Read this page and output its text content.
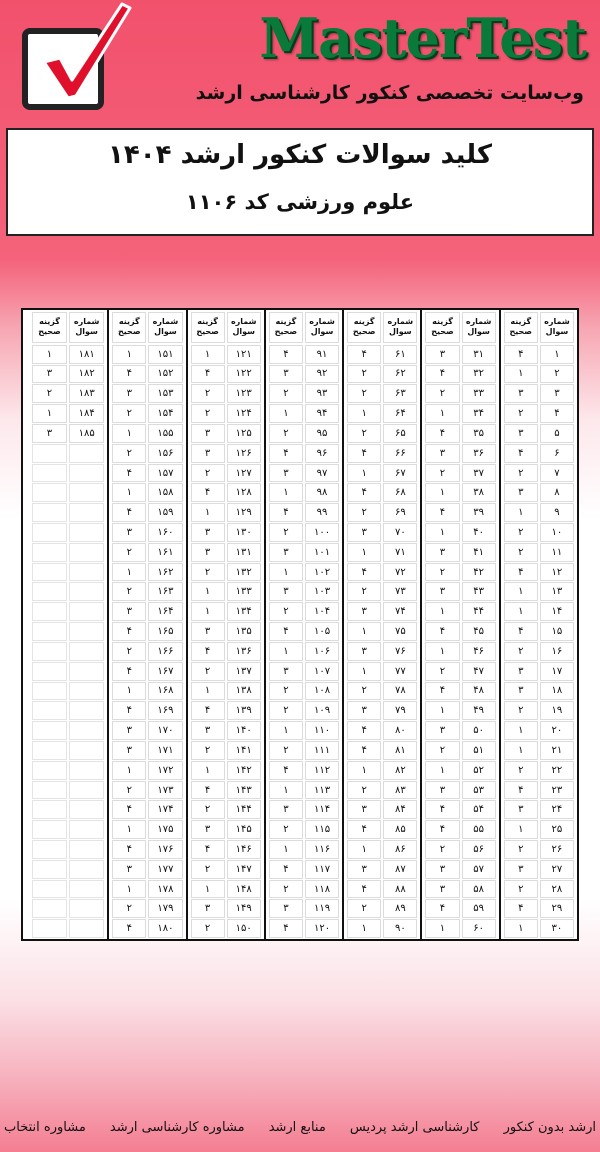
MasterTest
وب‌سایت تخصصی کنکور کارشناسی ارشد
کلید سوالات کنکور ارشد ۱۴۰۴
علوم ورزشی کد ۱۱۰۶
شماره
سوال
گزینه
صحیح
۱
۴
۲
۱
۳
۳
۴
۲
۵
۳
۶
۴
۷
۲
۸
۳
۹
۱
۱۰
۲
۱۱
۲
۱۲
۴
۱۳
۱
۱۴
۱
۱۵
۴
۱۶
۲
۱۷
۳
۱۸
۳
۱۹
۲
۲۰
۱
۲۱
۱
۲۲
۲
۲۳
۴
۲۴
۳
۲۵
۱
۲۶
۲
۲۷
۳
۲۸
۲
۲۹
۴
۳۰
۱
شماره
سوال
گزینه
صحیح
۳۱
۳
۳۲
۴
۳۳
۲
۳۴
۱
۳۵
۴
۳۶
۳
۳۷
۲
۳۸
۱
۳۹
۴
۴۰
۱
۴۱
۳
۴۲
۲
۴۳
۳
۴۴
۱
۴۵
۴
۴۶
۱
۴۷
۲
۴۸
۴
۴۹
۱
۵۰
۳
۵۱
۲
۵۲
۱
۵۳
۳
۵۴
۴
۵۵
۴
۵۶
۲
۵۷
۳
۵۸
۳
۵۹
۴
۶۰
۱
شماره
سوال
گزینه
صحیح
۶۱
۴
۶۲
۲
۶۳
۲
۶۴
۱
۶۵
۲
۶۶
۴
۶۷
۱
۶۸
۴
۶۹
۲
۷۰
۳
۷۱
۱
۷۲
۴
۷۳
۲
۷۴
۳
۷۵
۱
۷۶
۳
۷۷
۱
۷۸
۲
۷۹
۳
۸۰
۴
۸۱
۴
۸۲
۱
۸۳
۲
۸۴
۳
۸۵
۴
۸۶
۱
۸۷
۳
۸۸
۴
۸۹
۲
۹۰
۱
شماره
سوال
گزینه
صحیح
۹۱
۴
۹۲
۳
۹۳
۲
۹۴
۱
۹۵
۲
۹۶
۴
۹۷
۳
۹۸
۱
۹۹
۴
۱۰۰
۲
۱۰۱
۳
۱۰۲
۱
۱۰۳
۳
۱۰۴
۲
۱۰۵
۴
۱۰۶
۱
۱۰۷
۳
۱۰۸
۲
۱۰۹
۲
۱۱۰
۱
۱۱۱
۲
۱۱۲
۴
۱۱۳
۱
۱۱۴
۳
۱۱۵
۲
۱۱۶
۱
۱۱۷
۴
۱۱۸
۲
۱۱۹
۳
۱۲۰
۴
شماره
سوال
گزینه
صحیح
۱۲۱
۱
۱۲۲
۴
۱۲۳
۲
۱۲۴
۲
۱۲۵
۳
۱۲۶
۳
۱۲۷
۲
۱۲۸
۴
۱۲۹
۱
۱۳۰
۳
۱۳۱
۳
۱۳۲
۲
۱۳۳
۱
۱۳۴
۱
۱۳۵
۳
۱۳۶
۴
۱۳۷
۲
۱۳۸
۱
۱۳۹
۴
۱۴۰
۳
۱۴۱
۲
۱۴۲
۱
۱۴۳
۴
۱۴۴
۲
۱۴۵
۳
۱۴۶
۴
۱۴۷
۲
۱۴۸
۱
۱۴۹
۳
۱۵۰
۲
شماره
سوال
گزینه
صحیح
۱۵۱
۱
۱۵۲
۴
۱۵۳
۳
۱۵۴
۲
۱۵۵
۱
۱۵۶
۲
۱۵۷
۴
۱۵۸
۱
۱۵۹
۴
۱۶۰
۳
۱۶۱
۲
۱۶۲
۱
۱۶۳
۲
۱۶۴
۳
۱۶۵
۴
۱۶۶
۲
۱۶۷
۴
۱۶۸
۱
۱۶۹
۴
۱۷۰
۳
۱۷۱
۳
۱۷۲
۱
۱۷۳
۲
۱۷۴
۴
۱۷۵
۱
۱۷۶
۴
۱۷۷
۳
۱۷۸
۱
۱۷۹
۲
۱۸۰
۴
شماره
سوال
گزینه
صحیح
۱۸۱
۱
۱۸۲
۳
۱۸۳
۲
۱۸۴
۱
۱۸۵
۳
ارشد بدون کنکور
کارشناسی ارشد پردیس
منابع ارشد
مشاوره کارشناسی ارشد
مشاوره انتخاب
